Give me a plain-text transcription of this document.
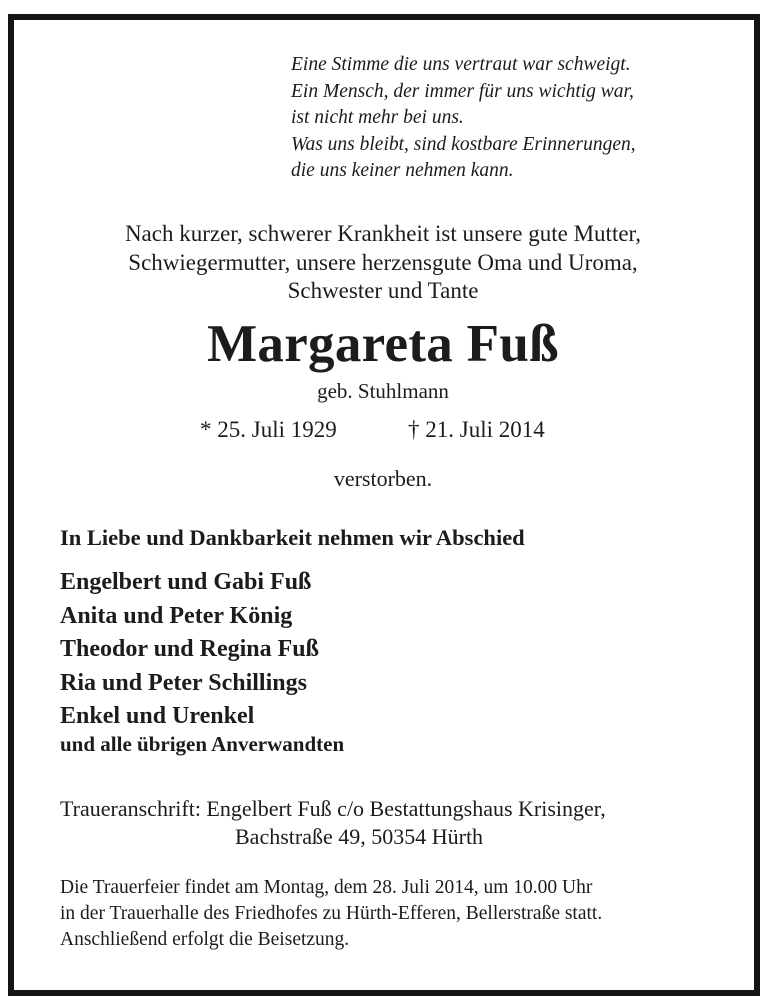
Eine Stimme die uns vertraut war schweigt.
Ein Mensch, der immer für uns wichtig war,
ist nicht mehr bei uns.
Was uns bleibt, sind kostbare Erinnerungen,
die uns keiner nehmen kann.
Nach kurzer, schwerer Krankheit ist unsere gute Mutter,
Schwiegermutter, unsere herzensgute Oma und Uroma,
Schwester und Tante
Margareta Fuß
geb. Stuhlmann
* 25. Juli 1929	† 21. Juli 2014
verstorben.
In Liebe und Dankbarkeit nehmen wir Abschied
Engelbert und Gabi Fuß
Anita und Peter König
Theodor und Regina Fuß
Ria und Peter Schillings
Enkel und Urenkel
und alle übrigen Anverwandten
Traueranschrift: Engelbert Fuß c/o Bestattungshaus Krisinger,
Bachstraße 49, 50354 Hürth
Die Trauerfeier findet am Montag, dem 28. Juli 2014, um 10.00 Uhr
in der Trauerhalle des Friedhofes zu Hürth-Efferen, Bellerstraße statt.
Anschließend erfolgt die Beisetzung.
